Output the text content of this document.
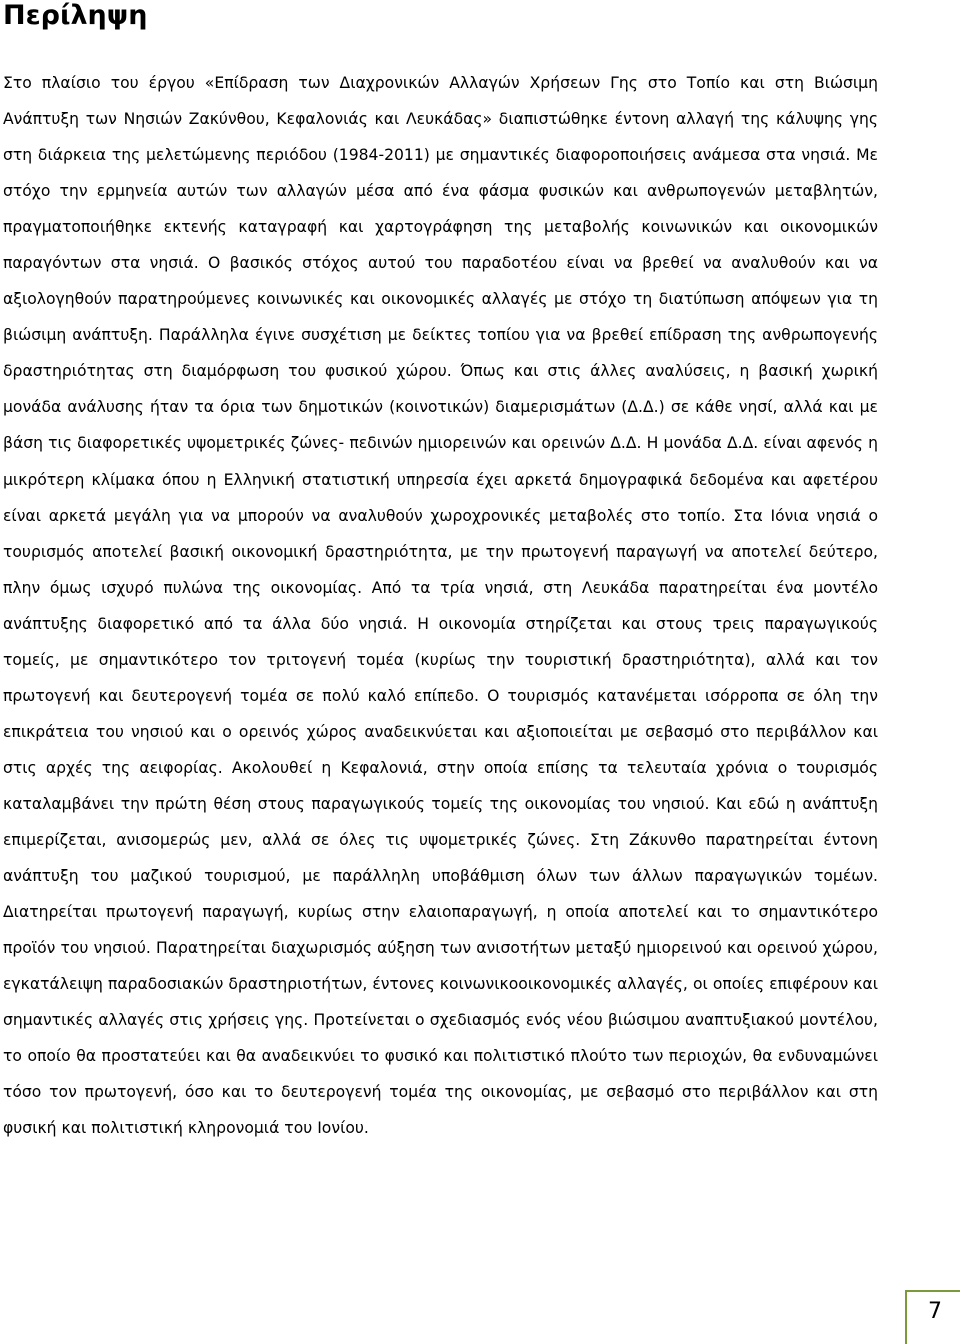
Περίληψη

Στο πλαίσιο του έργου «Επίδραση των Διαχρονικών Αλλαγών Χρήσεων Γης στο Τοπίο και στη Βιώσιμη Ανάπτυξη των Νησιών Ζακύνθου, Κεφαλονιάς και Λευκάδας» διαπιστώθηκε έντονη αλλαγή της κάλυψης γης στη διάρκεια της μελετώμενης περιόδου (1984-2011) με σημαντικές διαφοροποιήσεις ανάμεσα στα νησιά. Με στόχο την ερμηνεία αυτών των αλλαγών μέσα από ένα φάσμα φυσικών και ανθρωπογενών μεταβλητών, πραγματοποιήθηκε εκτενής καταγραφή και χαρτογράφηση της μεταβολής κοινωνικών και οικονομικών παραγόντων στα νησιά. Ο βασικός στόχος αυτού του παραδοτέου είναι να βρεθεί να αναλυθούν και να αξιολογηθούν παρατηρούμενες κοινωνικές και οικονομικές αλλαγές με στόχο τη διατύπωση απόψεων για τη βιώσιμη ανάπτυξη. Παράλληλα έγινε συσχέτιση με δείκτες τοπίου για να βρεθεί επίδραση της ανθρωπογενής δραστηριότητας στη διαμόρφωση του φυσικού χώρου. Όπως και στις άλλες αναλύσεις, η βασική χωρική μονάδα ανάλυσης ήταν τα όρια των δημοτικών (κοινοτικών) διαμερισμάτων (Δ.Δ.) σε κάθε νησί, αλλά και με βάση τις διαφορετικές υψομετρικές ζώνες- πεδινών ημιορεινών και ορεινών Δ.Δ. Η μονάδα Δ.Δ. είναι αφενός η μικρότερη κλίμακα όπου η Ελληνική στατιστική υπηρεσία έχει αρκετά δημογραφικά δεδομένα και αφετέρου είναι αρκετά μεγάλη για να μπορούν να αναλυθούν χωροχρονικές μεταβολές στο τοπίο. Στα Ιόνια νησιά ο τουρισμός αποτελεί βασική οικονομική δραστηριότητα, με την πρωτογενή παραγωγή να αποτελεί δεύτερο, πλην όμως ισχυρό πυλώνα της οικονομίας. Από τα τρία νησιά, στη Λευκάδα παρατηρείται ένα μοντέλο ανάπτυξης διαφορετικό από τα άλλα δύο νησιά. Η οικονομία στηρίζεται και στους τρεις παραγωγικούς τομείς, με σημαντικότερο τον τριτογενή τομέα (κυρίως την τουριστική δραστηριότητα), αλλά και τον πρωτογενή και δευτερογενή τομέα σε πολύ καλό επίπεδο. Ο τουρισμός κατανέμεται ισόρροπα σε όλη την επικράτεια του νησιού και ο ορεινός χώρος αναδεικνύεται και αξιοποιείται με σεβασμό στο περιβάλλον και στις αρχές της αειφορίας. Ακολουθεί η Κεφαλονιά, στην οποία επίσης τα τελευταία χρόνια ο τουρισμός καταλαμβάνει την πρώτη θέση στους παραγωγικούς τομείς της οικονομίας του νησιού. Και εδώ η ανάπτυξη επιμερίζεται, ανισομερώς μεν, αλλά σε όλες τις υψομετρικές ζώνες. Στη Ζάκυνθο παρατηρείται έντονη ανάπτυξη του μαζικού τουρισμού, με παράλληλη υποβάθμιση όλων των άλλων παραγωγικών τομέων. Διατηρείται πρωτογενή παραγωγή, κυρίως στην ελαιοπαραγωγή, η οποία αποτελεί και το σημαντικότερο προϊόν του νησιού. Παρατηρείται διαχωρισμός αύξηση των ανισοτήτων μεταξύ ημιορεινού και ορεινού χώρου, εγκατάλειψη παραδοσιακών δραστηριοτήτων, έντονες κοινωνικοοικονομικές αλλαγές, οι οποίες επιφέρουν και σημαντικές αλλαγές στις χρήσεις γης. Προτείνεται ο σχεδιασμός ενός νέου βιώσιμου αναπτυξιακού μοντέλου, το οποίο θα προστατεύει και θα αναδεικνύει το φυσικό και πολιτιστικό πλούτο των περιοχών, θα ενδυναμώνει τόσο τον πρωτογενή, όσο και το δευτερογενή τομέα της οικονομίας, με σεβασμό στο περιβάλλον και στη φυσική και πολιτιστική κληρονομιά του Ιονίου.

7
